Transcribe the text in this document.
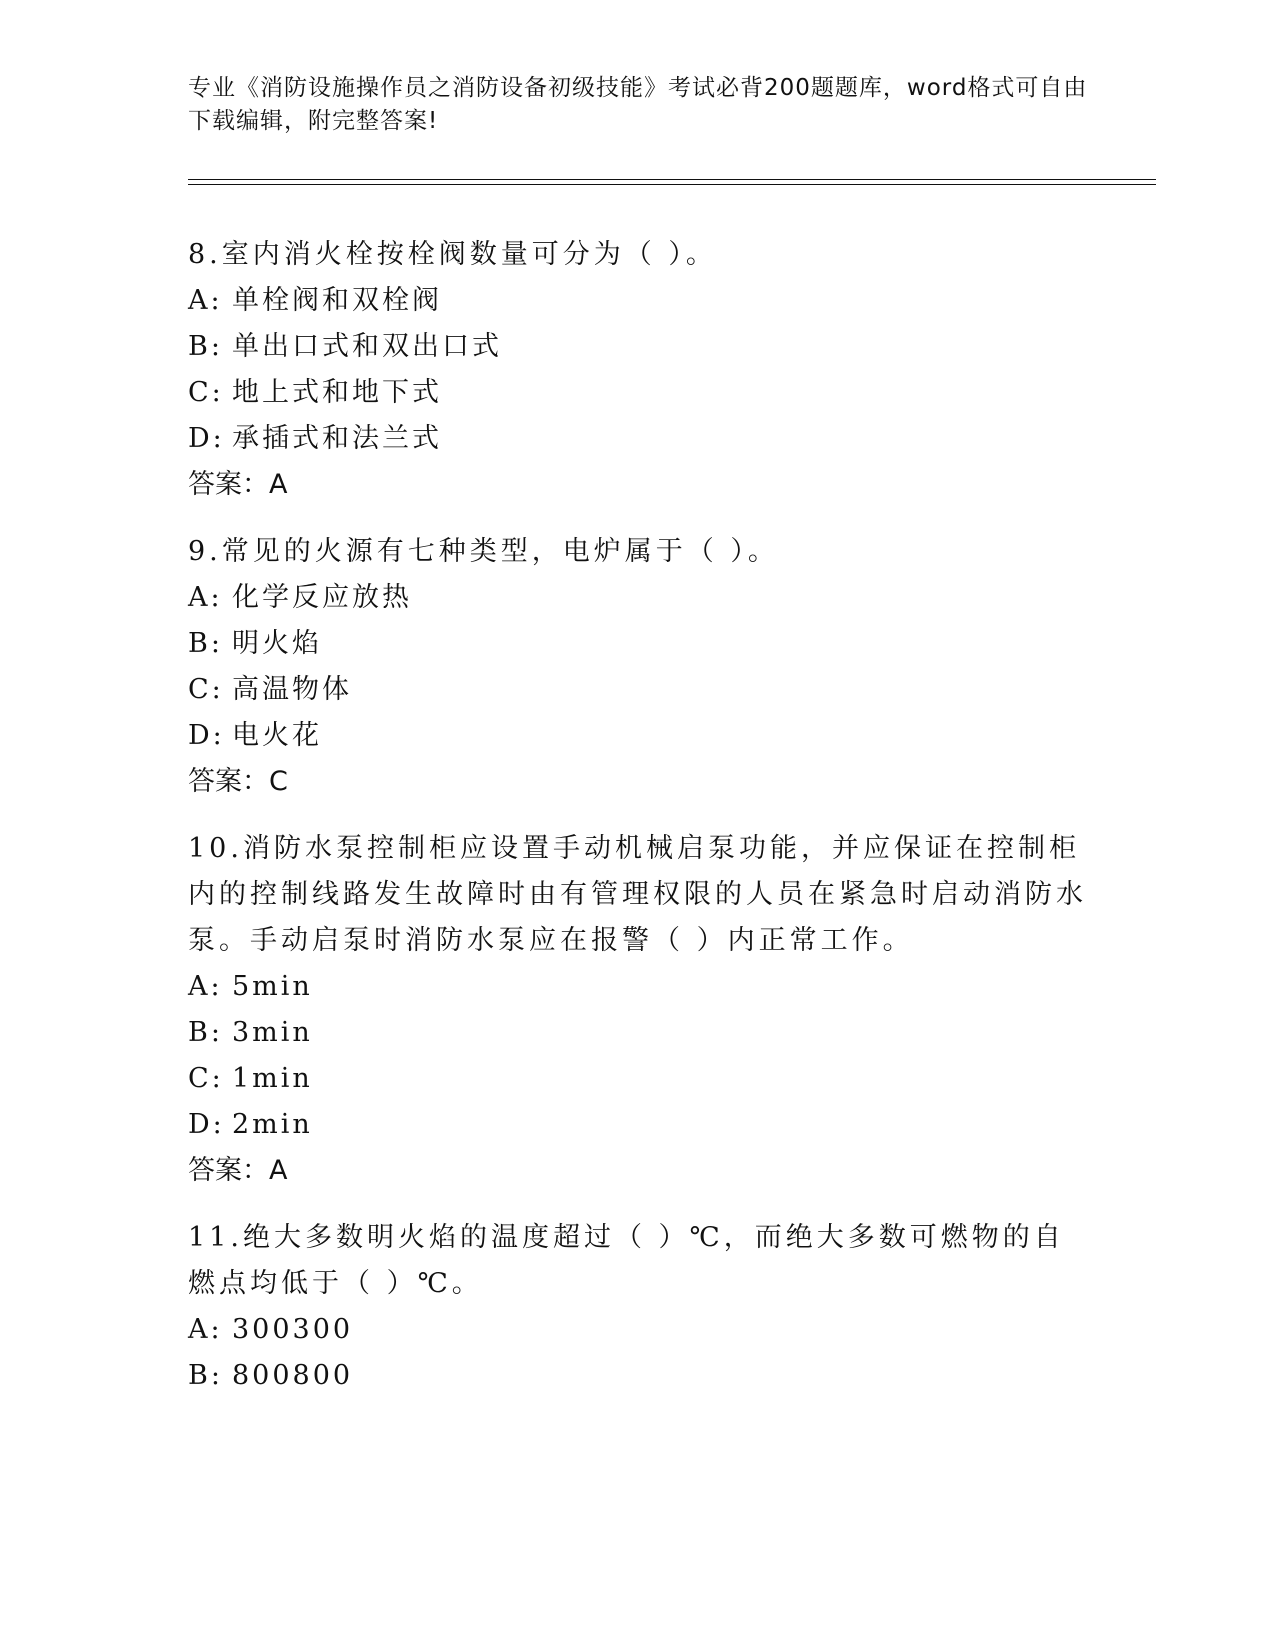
专业《消防设施操作员之消防设备初级技能》考试必背200题题库，word格式可自由下载编辑，附完整答案!
8.室内消火栓按栓阀数量可分为（ ）。
A: 单栓阀和双栓阀
B: 单出口式和双出口式
C: 地上式和地下式
D: 承插式和法兰式
答案：A
9.常见的火源有七种类型，电炉属于（ ）。
A: 化学反应放热
B: 明火焰
C: 高温物体
D: 电火花
答案：C
10.消防水泵控制柜应设置手动机械启泵功能，并应保证在控制柜内的控制线路发生故障时由有管理权限的人员在紧急时启动消防水泵。手动启泵时消防水泵应在报警（ ）内正常工作。
A: 5min
B: 3min
C: 1min
D: 2min
答案：A
11.绝大多数明火焰的温度超过（ ）℃，而绝大多数可燃物的自燃点均低于（ ）℃。
A: 300300
B: 800800
